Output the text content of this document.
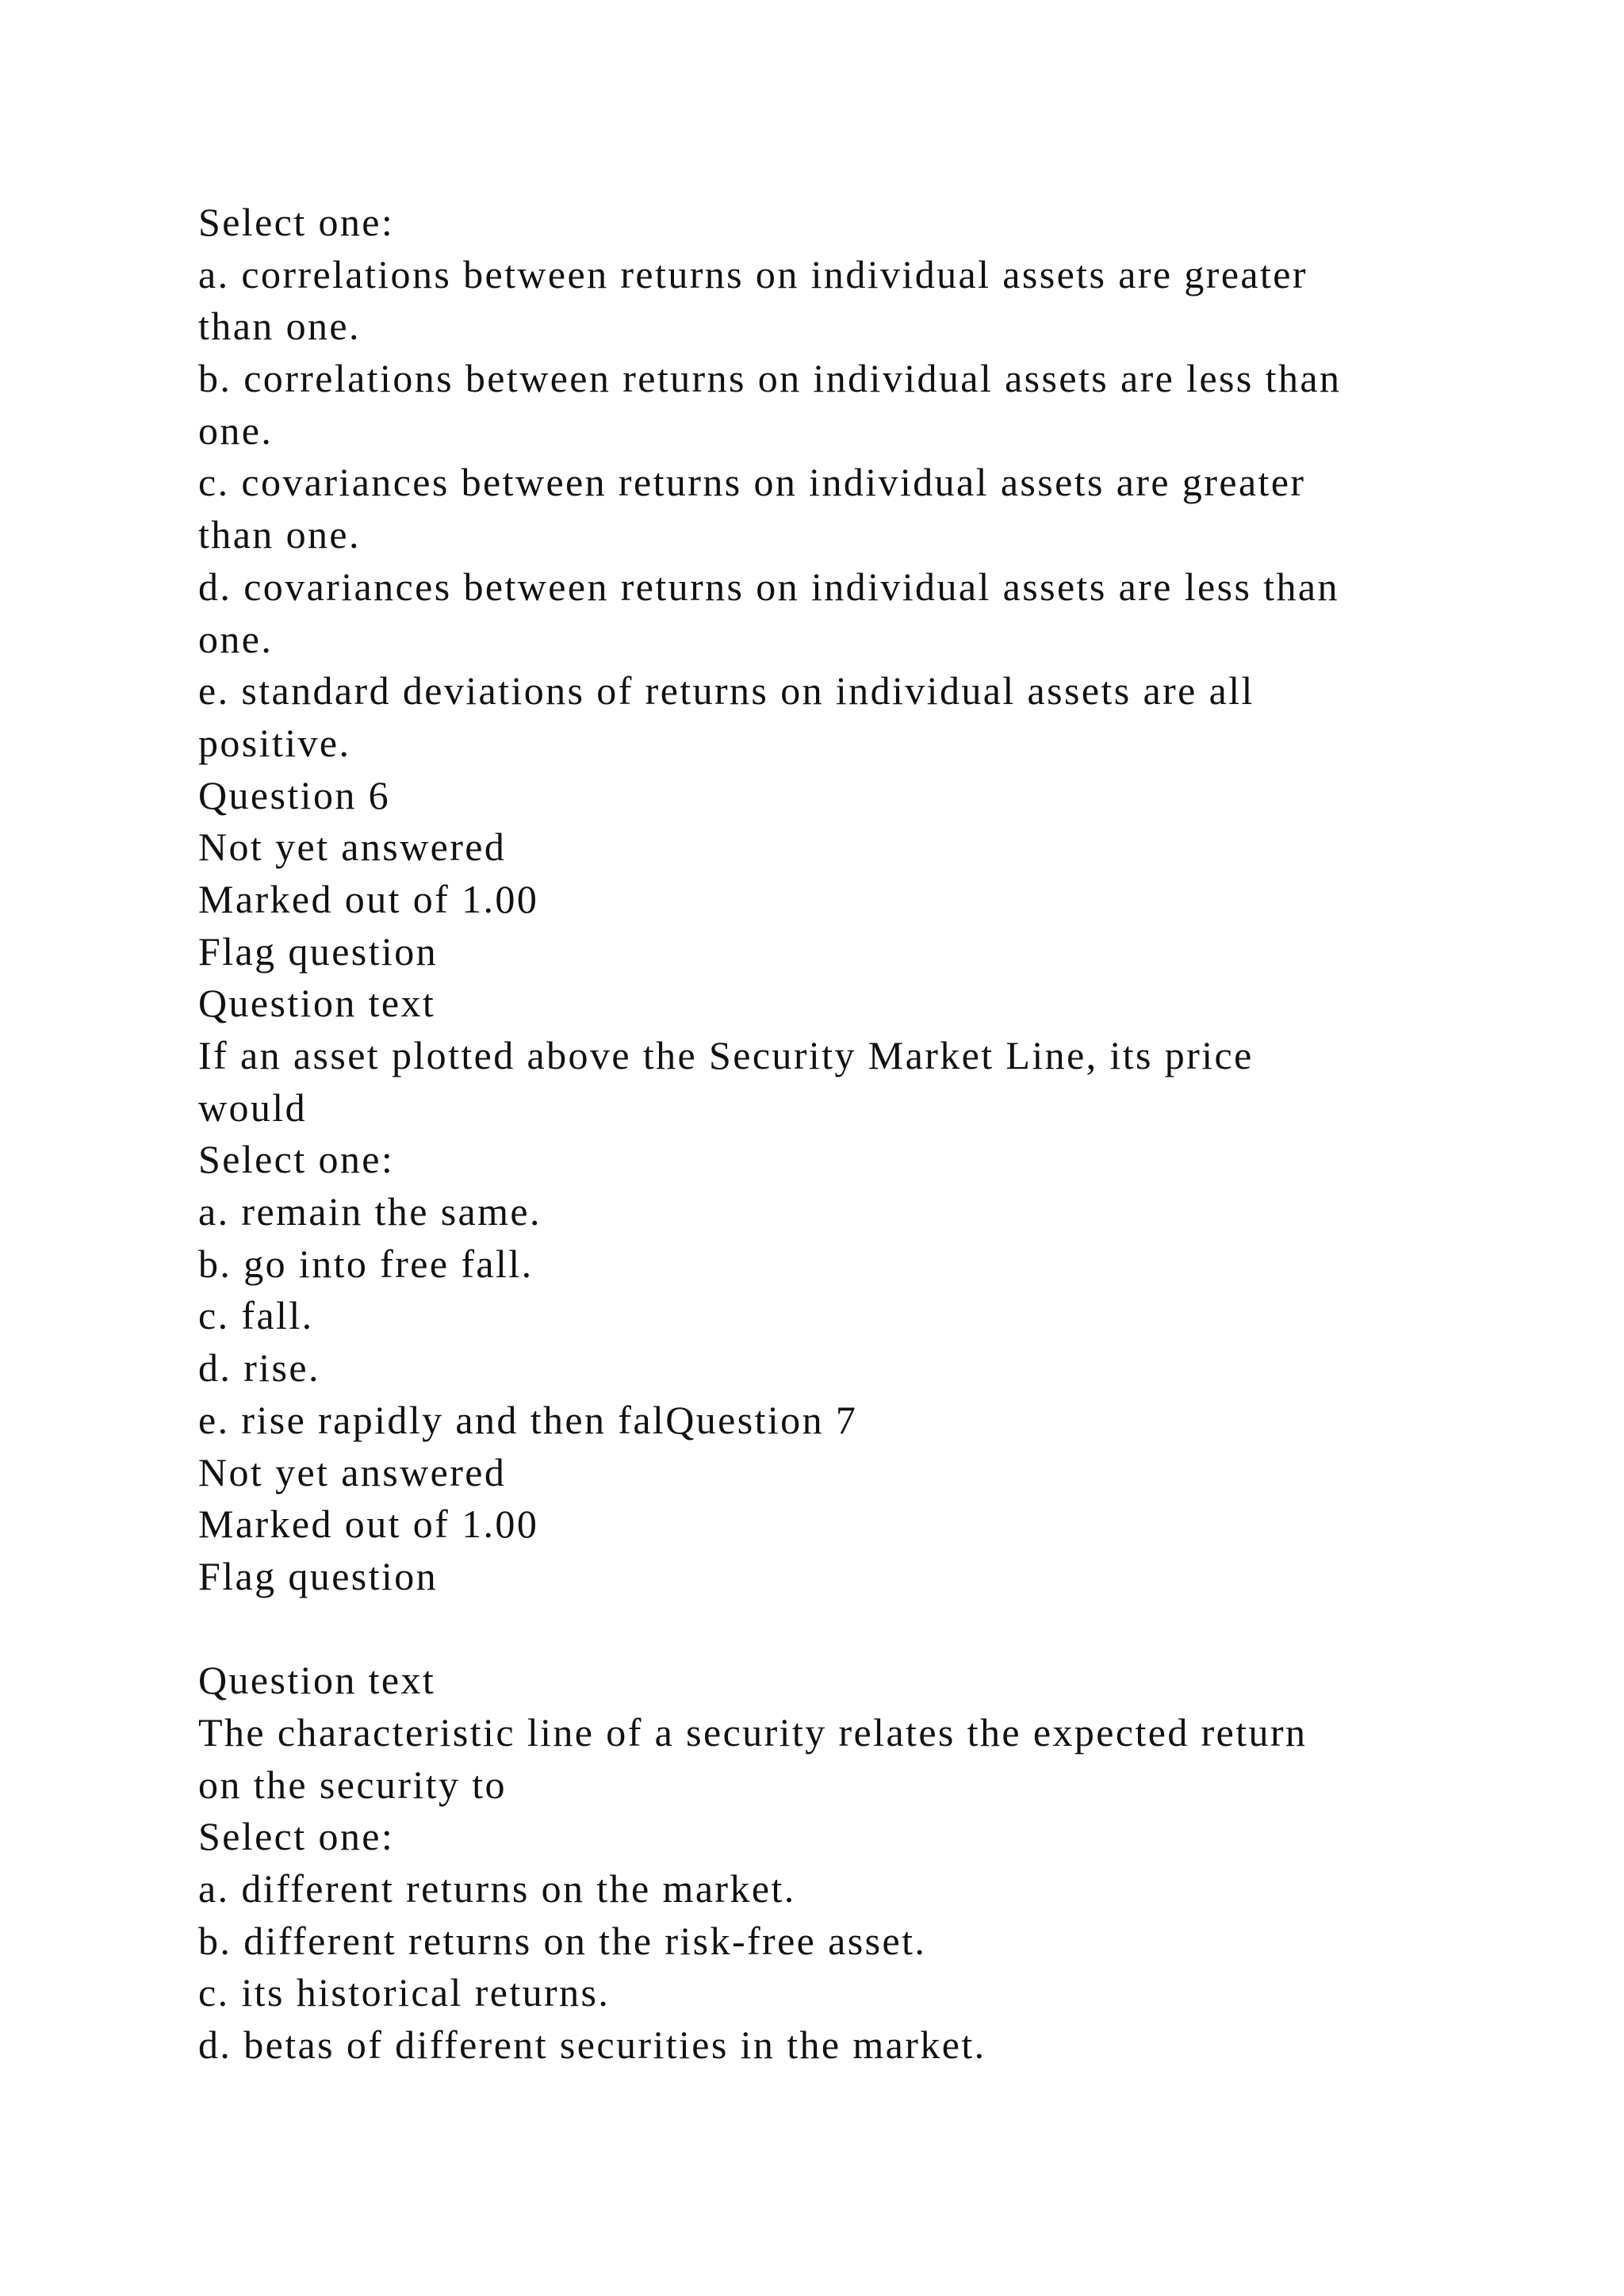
Select one:
a. correlations between returns on individual assets are greater
than one.
b. correlations between returns on individual assets are less than
one.
c. covariances between returns on individual assets are greater
than one.
d. covariances between returns on individual assets are less than
one.
e. standard deviations of returns on individual assets are all
positive.
Question 6
Not yet answered
Marked out of 1.00
Flag question
Question text
If an asset plotted above the Security Market Line, its price
would
Select one:
a. remain the same.
b. go into free fall.
c. fall.
d. rise.
e. rise rapidly and then falQuestion 7
Not yet answered
Marked out of 1.00
Flag question
Question text
The characteristic line of a security relates the expected return
on the security to
Select one:
a. different returns on the market.
b. different returns on the risk-free asset.
c. its historical returns.
d. betas of different securities in the market.
